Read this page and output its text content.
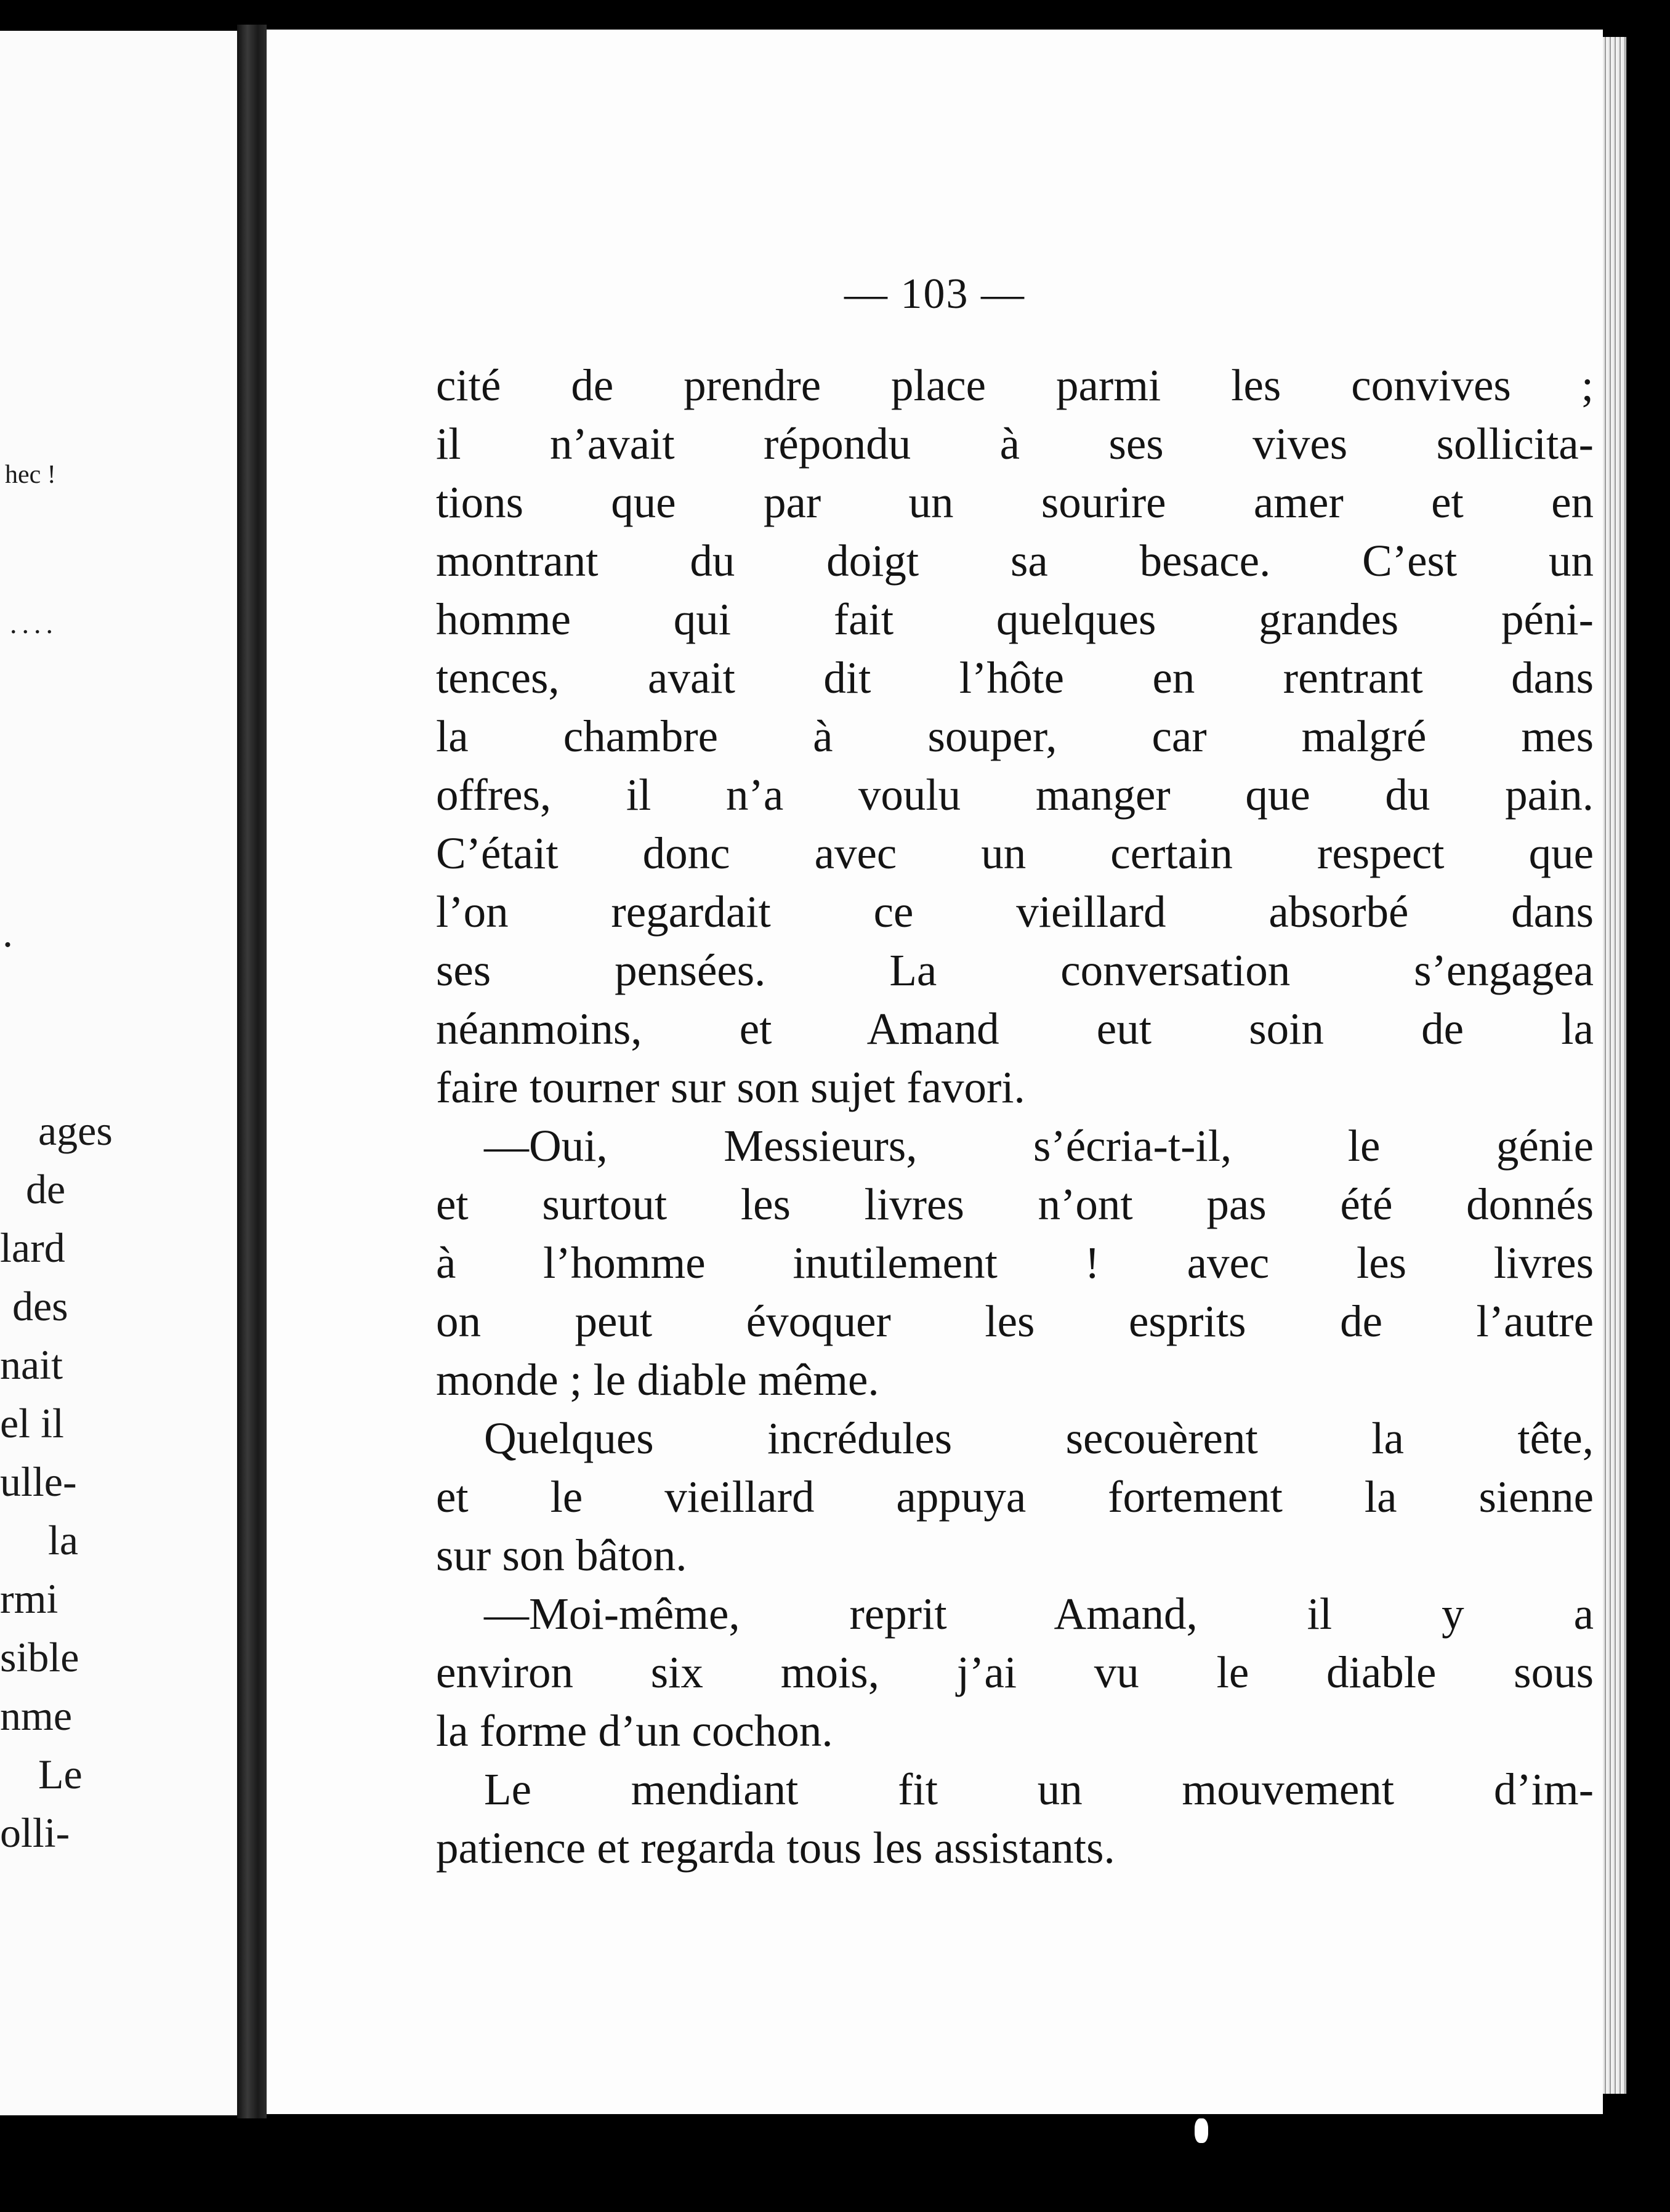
hec !
....
.
ages
de
lard
des
nait
el il
ulle-
la
rmi
sible
nme
Le
olli-
— 103 —
cité de prendre place parmi les convives ;
il n’avait répondu à ses vives sollicita-
tions que par un sourire amer et en
montrant du doigt sa besace. C’est un
homme qui fait quelques grandes péni-
tences, avait dit l’hôte en rentrant dans
la chambre à souper, car malgré mes
offres, il n’a voulu manger que du pain.
C’était donc avec un certain respect que
l’on regardait ce vieillard absorbé dans
ses pensées. La conversation s’engagea
néanmoins, et Amand eut soin de la
faire tourner sur son sujet favori.
—Oui, Messieurs, s’écria-t-il, le génie
et surtout les livres n’ont pas été donnés
à l’homme inutilement ! avec les livres
on peut évoquer les esprits de l’autre
monde ; le diable même.
Quelques incrédules secouèrent la tête,
et le vieillard appuya fortement la sienne
sur son bâton.
—Moi-même, reprit Amand, il y a
environ six mois, j’ai vu le diable sous
la forme d’un cochon.
Le mendiant fit un mouvement d’im-
patience et regarda tous les assistants.
